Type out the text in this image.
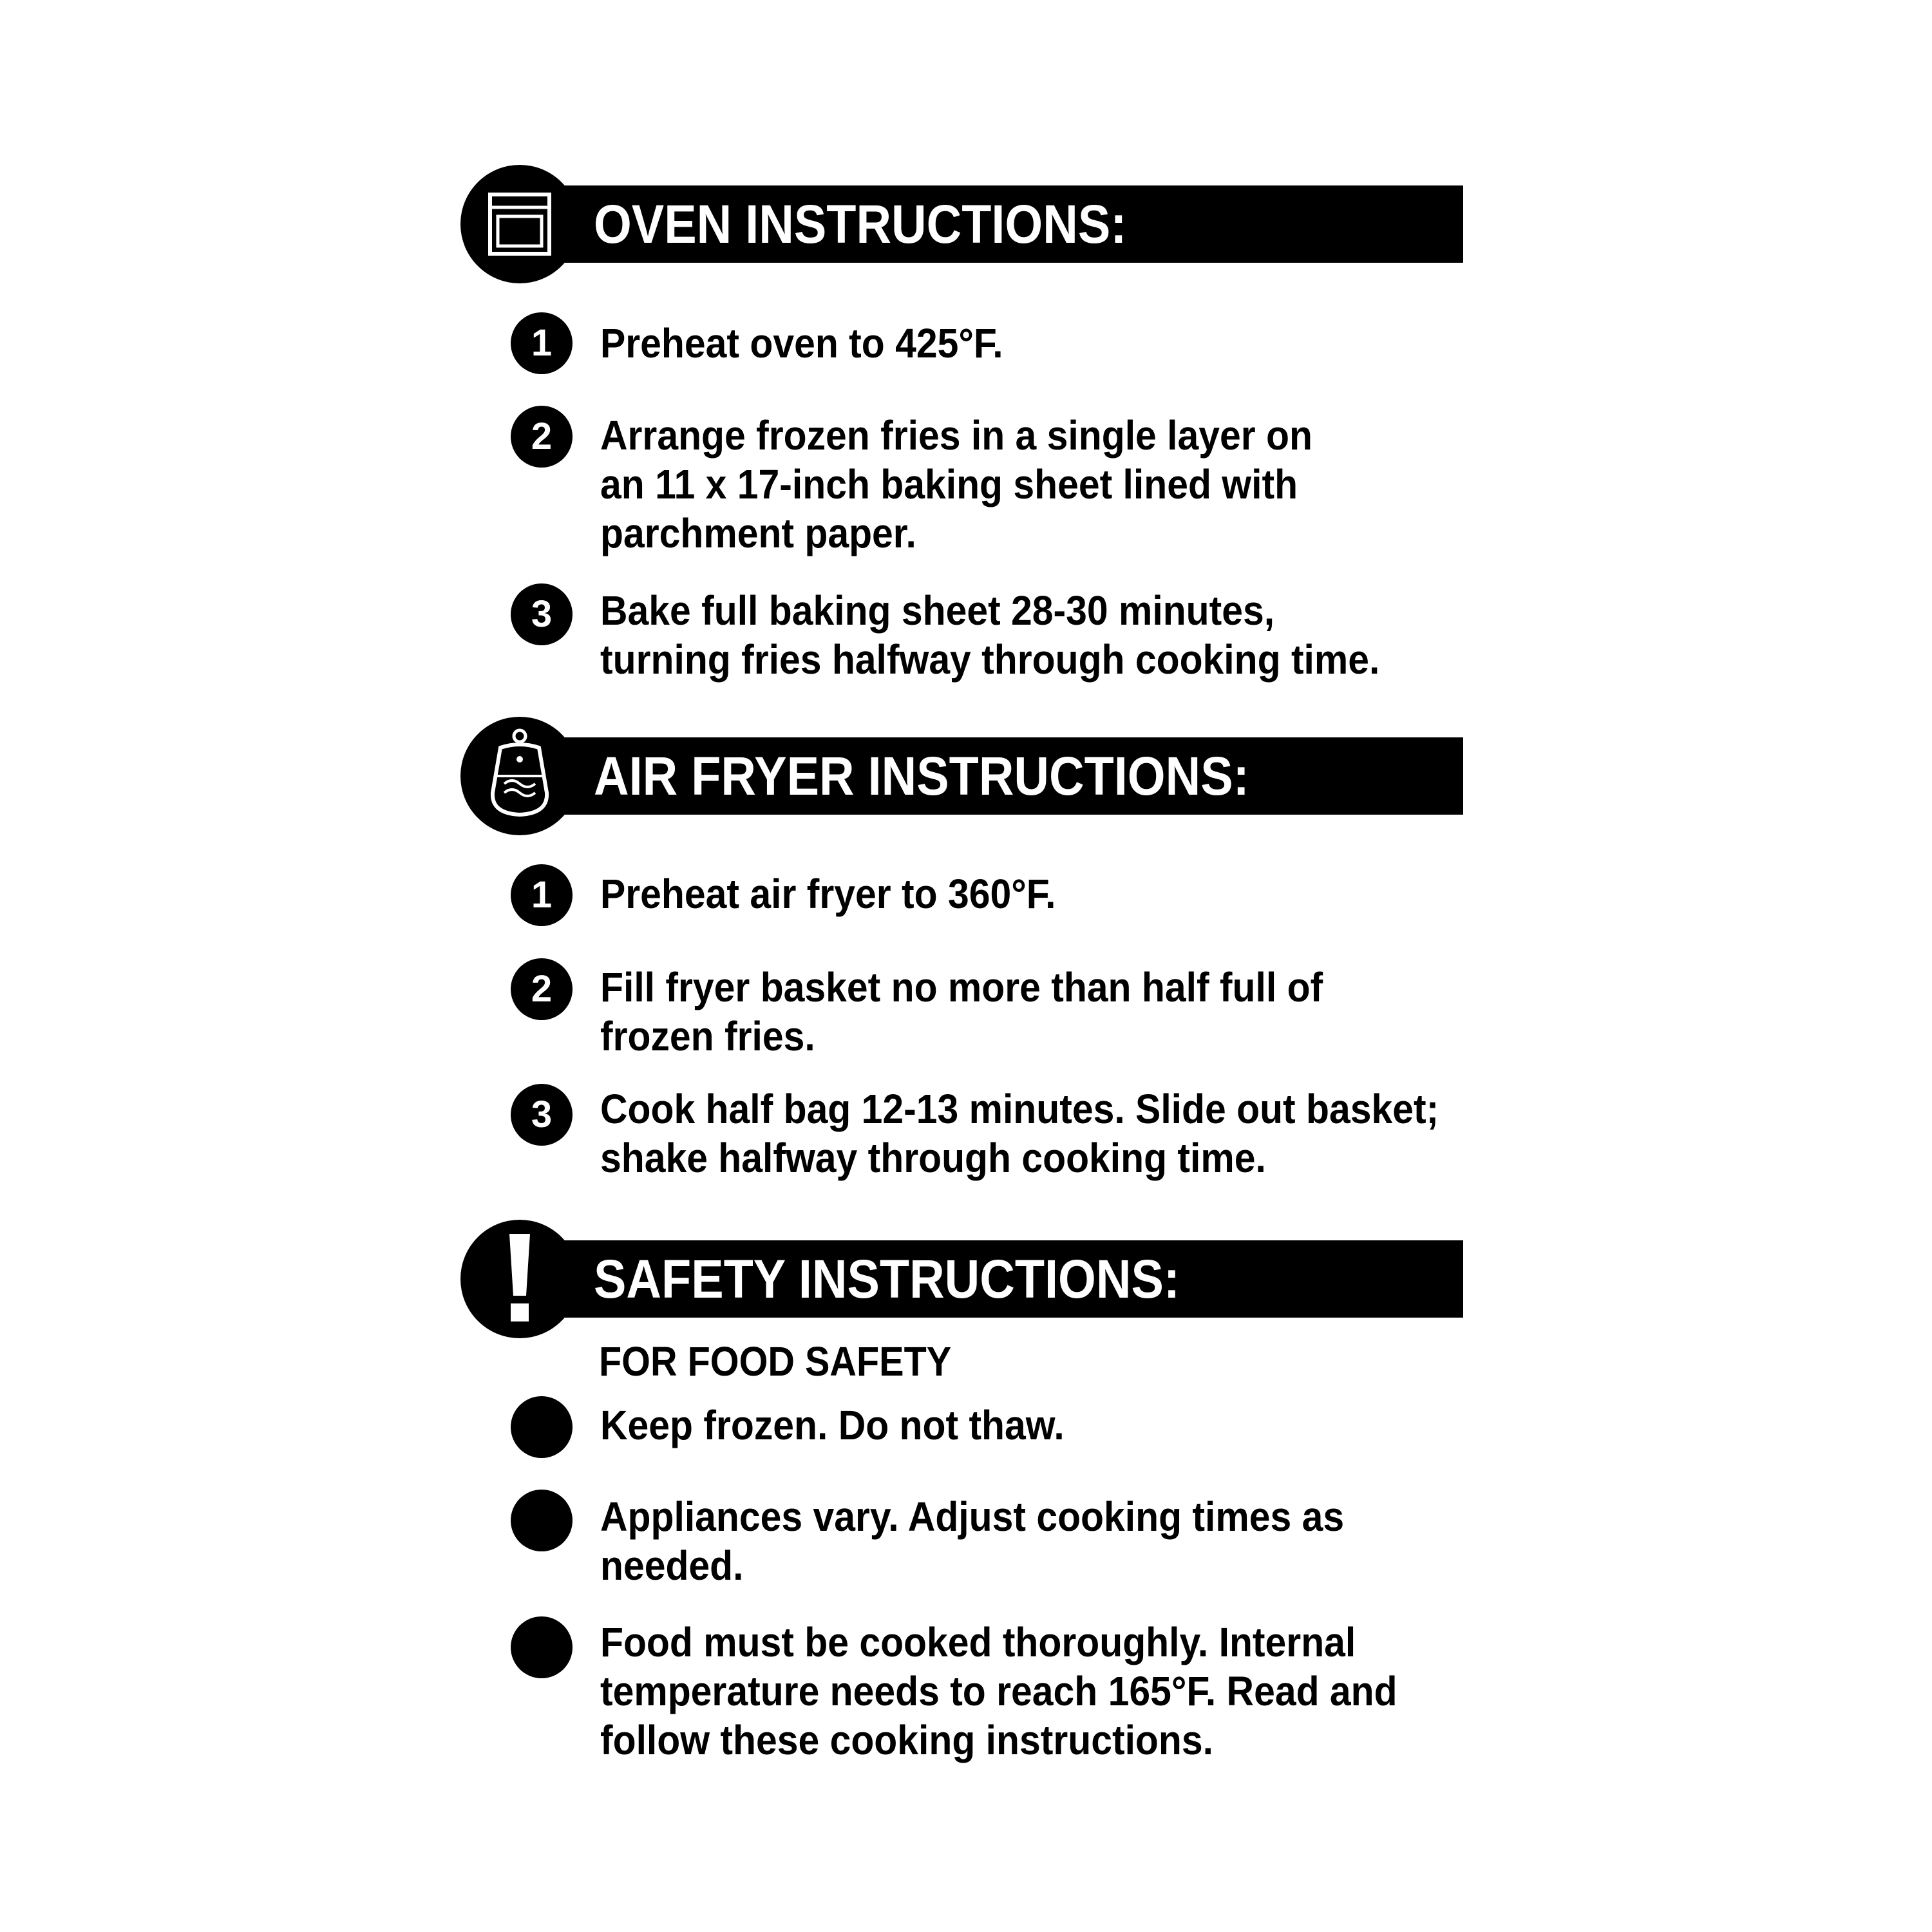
OVEN INSTRUCTIONS:
1	Preheat oven to 425°F.
2	Arrange frozen fries in a single layer on
an 11 x 17-inch baking sheet lined with
parchment paper.
3	Bake full baking sheet 28-30 minutes,
turning fries halfway through cooking time.
AIR FRYER INSTRUCTIONS:
1	Preheat air fryer to 360°F.
2	Fill fryer basket no more than half full of
frozen fries.
3	Cook half bag 12-13 minutes. Slide out basket;
shake halfway through cooking time.
SAFETY INSTRUCTIONS:
FOR FOOD SAFETY
Keep frozen. Do not thaw.
Appliances vary. Adjust cooking times as
needed.
Food must be cooked thoroughly. Internal
temperature needs to reach 165°F. Read and
follow these cooking instructions.
